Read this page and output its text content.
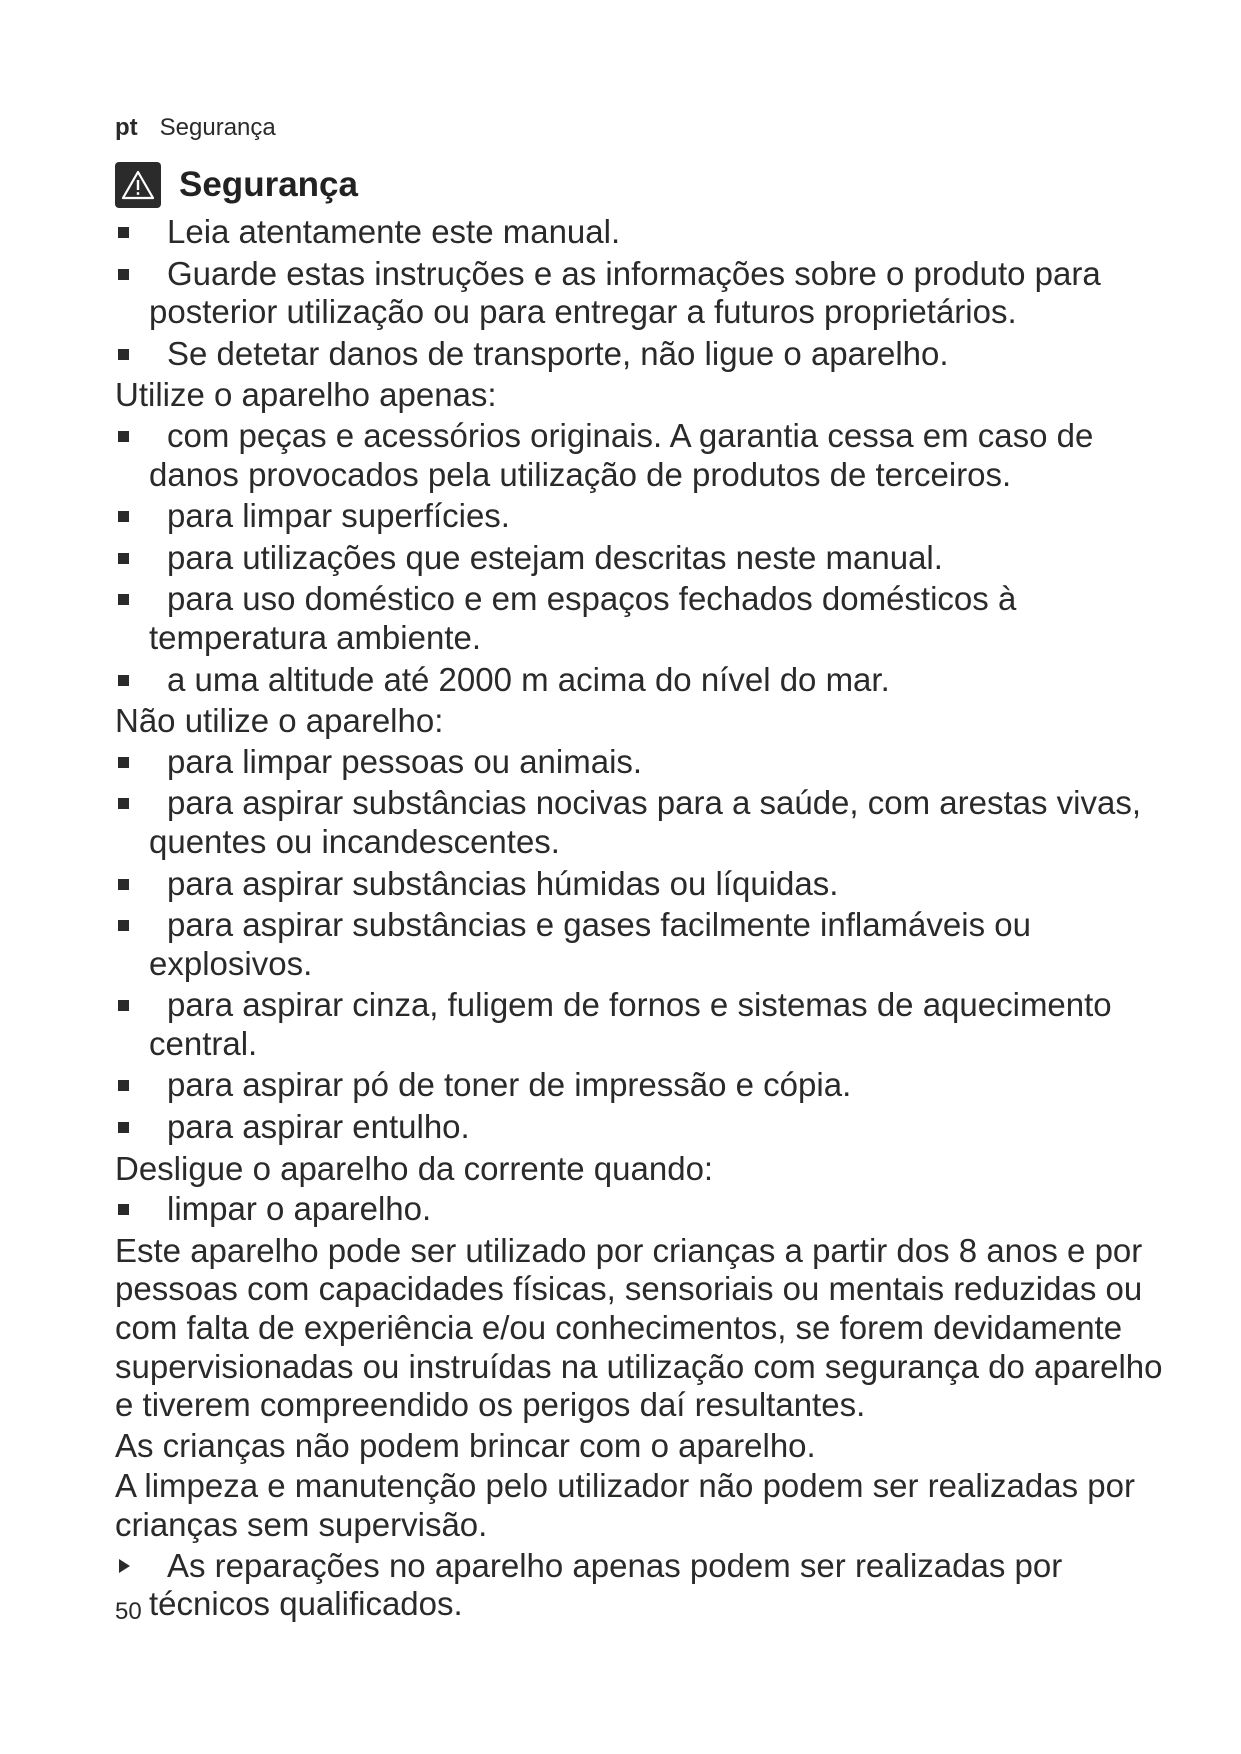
pt Segurança
Segurança
Leia atentamente este manual.
Guarde estas instruções e as informações sobre o produto para posterior utilização ou para entregar a futuros proprietários.
Se detetar danos de transporte, não ligue o aparelho.

Utilize o aparelho apenas:

com peças e acessórios originais. A garantia cessa em caso de danos provocados pela utilização de produtos de terceiros.
para limpar superfícies.
para utilizações que estejam descritas neste manual.
para uso doméstico e em espaços fechados domésticos à temperatura ambiente.
a uma altitude até 2000 m acima do nível do mar.

Não utilize o aparelho:

para limpar pessoas ou animais.
para aspirar substâncias nocivas para a saúde, com arestas vivas, quentes ou incandescentes.
para aspirar substâncias húmidas ou líquidas.
para aspirar substâncias e gases facilmente inflamáveis ou explosivos.
para aspirar cinza, fuligem de fornos e sistemas de aquecimento central.
para aspirar pó de toner de impressão e cópia.
para aspirar entulho.

Desligue o aparelho da corrente quando:

limpar o aparelho.

Este aparelho pode ser utilizado por crianças a partir dos 8 anos e por pessoas com capacidades físicas, sensoriais ou mentais reduzidas ou com falta de experiência e/ou conhecimentos, se forem devidamente supervisionadas ou instruídas na utilização com segurança do aparelho e tiverem compreendido os perigos daí resultantes.

As crianças não podem brincar com o aparelho.

A limpeza e manutenção pelo utilizador não podem ser realizadas por crianças sem supervisão.

As reparações no aparelho apenas podem ser realizadas por técnicos qualificados.
50
